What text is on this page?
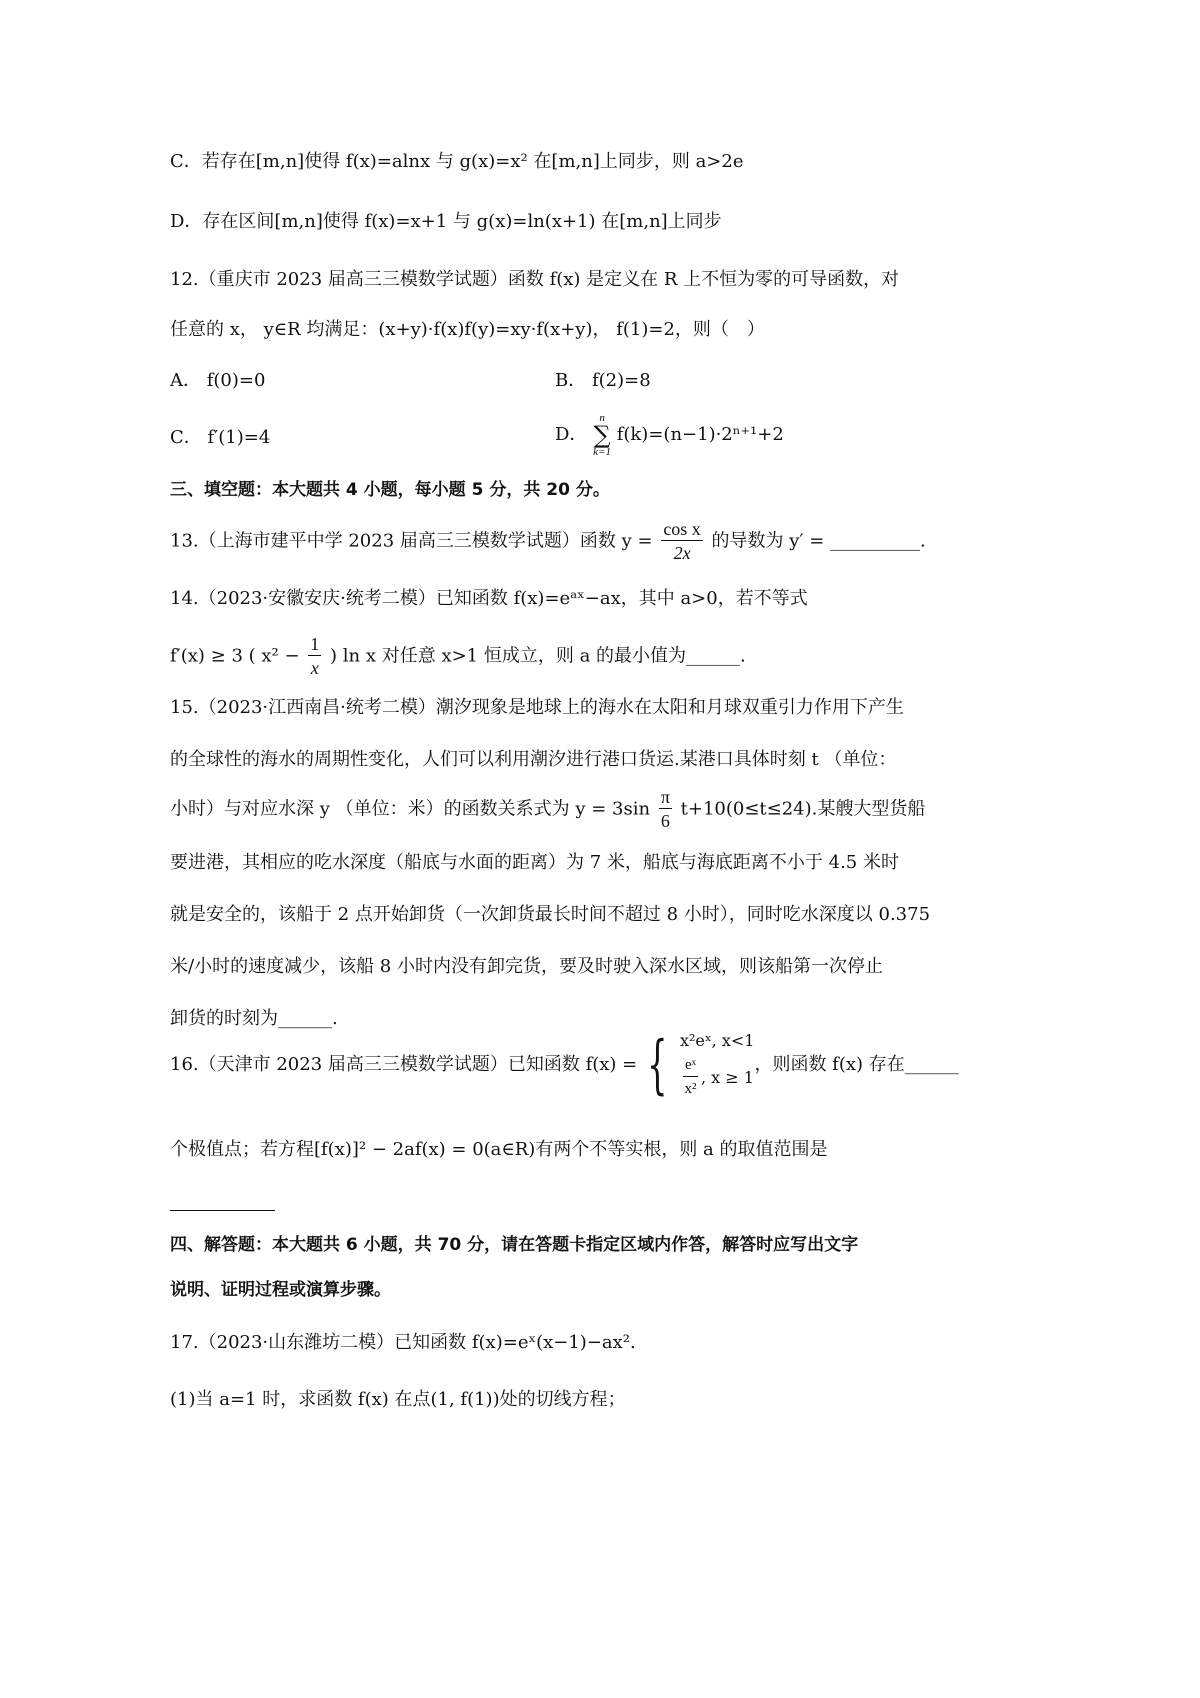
C．若存在[m,n]使得 f(x)=alnx 与 g(x)=x² 在[m,n]上同步，则 a>2e
D．存在区间[m,n]使得 f(x)=x+1 与 g(x)=ln(x+1) 在[m,n]上同步
12.（重庆市 2023 届高三三模数学试题）函数 f(x) 是定义在 R 上不恒为零的可导函数，对
任意的 x， y∈R 均满足：(x+y)·f(x)f(y)=xy·f(x+y)， f(1)=2，则（　）
A． f(0)=0	B． f(2)=8
C． f′(1)=4	D．
n
∑
k=1
f(k)=(n−1)·2ⁿ⁺¹+2
三、填空题：本大题共 4 小题，每小题 5 分，共 20 分。
13.（上海市建平中学 2023 届高三三模数学试题）函数 $y = \frac{\text{cos x}}{2x}$ 的导数为 y′ = __________.
14.（2023·安徽安庆·统考二模）已知函数 f(x)=eᵃˣ−ax，其中 a>0，若不等式
f′(x) ≥ 3 ( $x^2 - \frac{1}{x}$ ) ln x 对任意 x>1 恒成立，则 a 的最小值为______.
15.（2023·江西南昌·统考二模）潮汐现象是地球上的海水在太阳和月球双重引力作用下产生
的全球性的海水的周期性变化，人们可以利用潮汐进行港口货运.某港口具体时刻 t （单位：
小时）与对应水深 y （单位：米）的函数关系式为 $y = 3\sin \frac{\pi}{6} t+10(0\le t\le 24)$.某艘大型货船
要进港，其相应的吃水深度（船底与水面的距离）为 7 米，船底与海底距离不小于 4.5 米时
就是安全的，该船于 2 点开始卸货（一次卸货最长时间不超过 8 小时），同时吃水深度以 0.375
米/小时的速度减少，该船 8 小时内没有卸完货，要及时驶入深水区域，则该船第一次停止
卸货的时刻为______.
16.（天津市 2023 届高三三模数学试题）已知函数 f(x) = { x²eˣ, x<1
$\frac{\text{eˣ}}{\text{x²}}$ , x ≥ 1
，则函数 f(x) 存在______
个极值点；若方程[f(x)]² − 2af(x) = 0(a∈R)有两个不等实根，则 a 的取值范围是
四、解答题：本大题共 6 小题，共 70 分，请在答题卡指定区域内作答，解答时应写出文字
说明、证明过程或演算步骤。
17.（2023·山东潍坊二模）已知函数 f(x)=eˣ(x−1)−ax².
(1)当 a=1 时，求函数 f(x) 在点(1, f(1))处的切线方程；
